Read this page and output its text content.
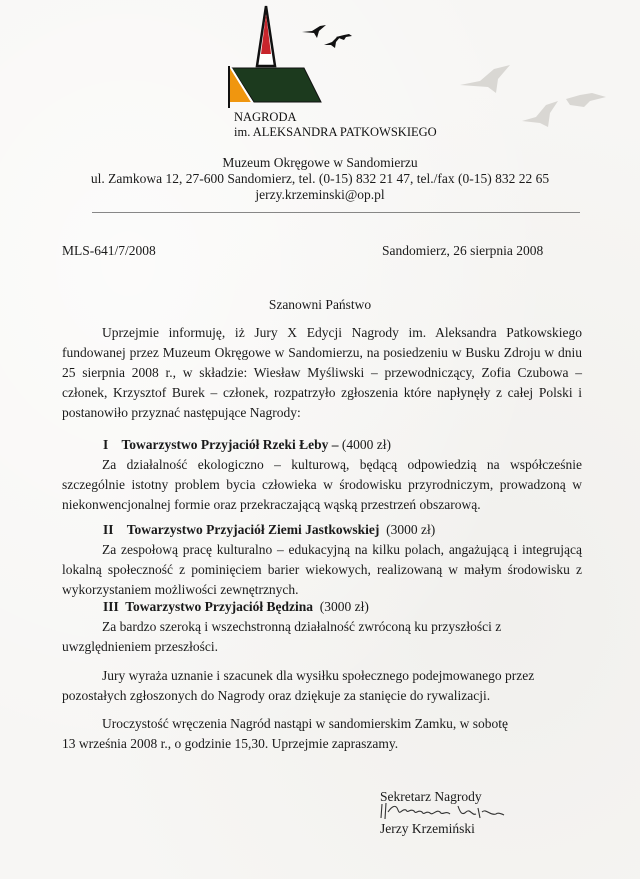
NAGRODA
im. ALEKSANDRA PATKOWSKIEGO
Muzeum Okręgowe w Sandomierzu
ul. Zamkowa 12, 27-600 Sandomierz, tel. (0-15) 832 21 47, tel./fax (0-15) 832 22 65
jerzy.krzeminski@op.pl
MLS-641/7/2008	Sandomierz, 26 sierpnia 2008
Szanowni Państwo
Uprzejmie informuję, iż Jury X Edycji Nagrody im. Aleksandra Patkowskiego fundowanej przez Muzeum Okręgowe w Sandomierzu, na posiedzeniu w Busku Zdroju w dniu 25 sierpnia 2008 r., w składzie: Wiesław Myśliwski – przewodniczący, Zofia Czubowa – członek, Krzysztof Burek – członek, rozpatrzyło zgłoszenia które napłynęły z całej Polski i postanowiło przyznać następujące Nagrody:
I Towarzystwo Przyjaciół Rzeki Łeby – (4000 zł)
Za działalność ekologiczno – kulturową, będącą odpowiedzią na współcześnie szczególnie istotny problem bycia człowieka w środowisku przyrodniczym, prowadzoną w niekonwencjonalnej formie oraz przekraczającą wąską przestrzeń obszarową.
II Towarzystwo Przyjaciół Ziemi Jastkowskiej (3000 zł)
Za zespołową pracę kulturalno – edukacyjną na kilku polach, angażującą i integrującą lokalną społeczność z pominięciem barier wiekowych, realizowaną w małym środowisku z wykorzystaniem możliwości zewnętrznych.
III Towarzystwo Przyjaciół Będzina (3000 zł)
Za bardzo szeroką i wszechstronną działalność zwróconą ku przyszłości z uwzględnieniem przeszłości.
Jury wyraża uznanie i szacunek dla wysiłku społecznego podejmowanego przez pozostałych zgłoszonych do Nagrody oraz dziękuje za stanięcie do rywalizacji.
Uroczystość wręczenia Nagród nastąpi w sandomierskim Zamku, w sobotę 13 września 2008 r., o godzinie 15,30. Uprzejmie zapraszamy.
Sekretarz Nagrody
Jerzy Krzemiński
